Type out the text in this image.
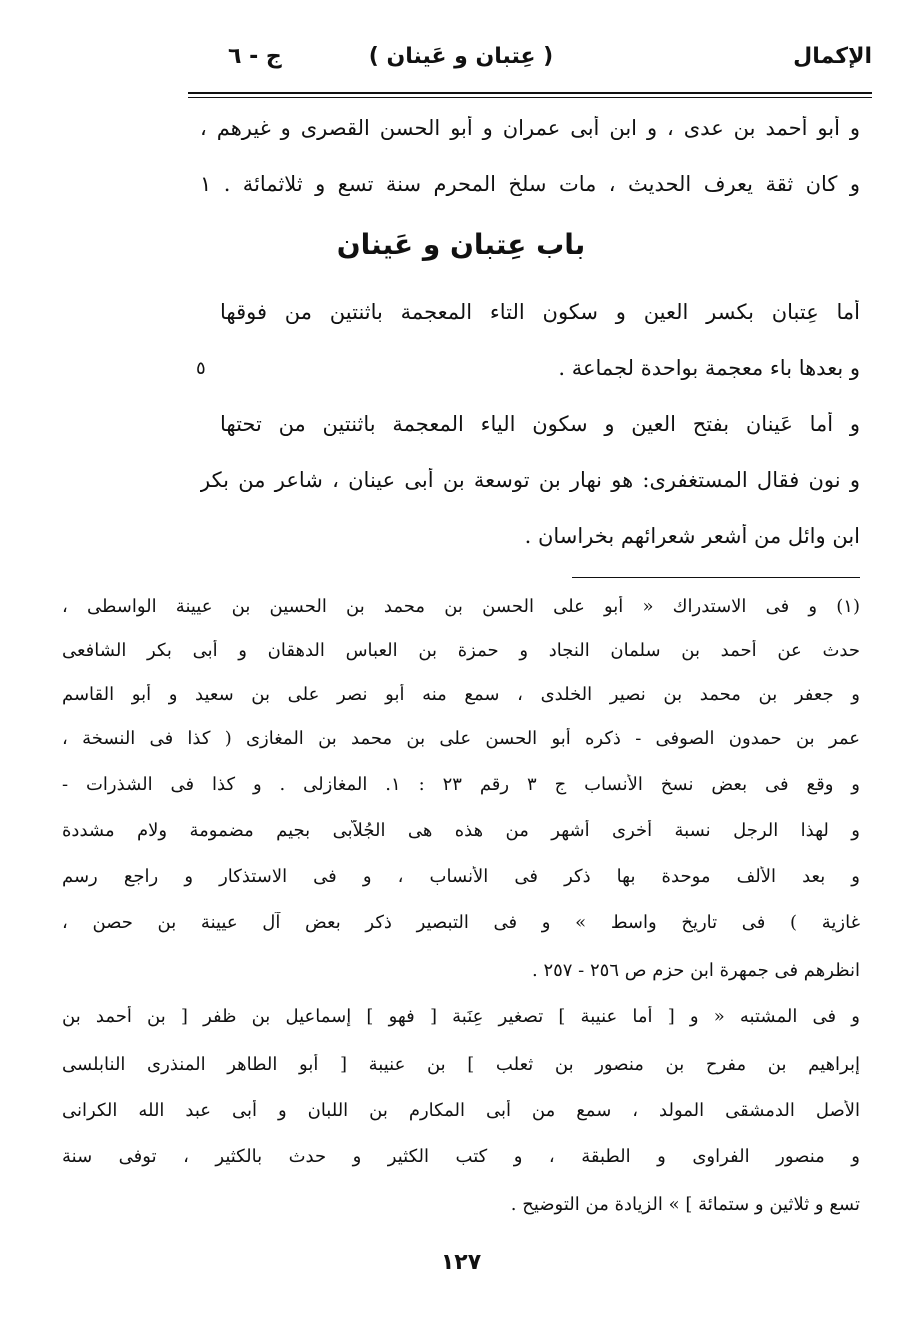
الإكمال
( عِتبان و عَينان )
ج - ٦
و أبو أحمد بن عدى ، و ابن أبى عمران و أبو الحسن القصرى و غيرهم ،
و كان ثقة يعرف الحديث ، مات سلخ المحرم سنة تسع و ثلاثمائة . ١
باب عِتبان و عَينان
أما عِتبان بكسر العين و سكون التاء المعجمة باثنتين من فوقها
و بعدها باء معجمة بواحدة لجماعة .
٥
و أما عَينان بفتح العين و سكون الياء المعجمة باثنتين من تحتها
و نون فقال المستغفرى: هو نهار بن توسعة بن أبى عينان ، شاعر من بكر
ابن وائل من أشعر شعرائهم بخراسان .
(١) و فى الاستدراك « أبو على الحسن بن محمد بن الحسين بن عيينة الواسطى ،
حدث عن أحمد بن سلمان النجاد و حمزة بن العباس الدهقان و أبى بكر الشافعى
و جعفر بن محمد بن نصير الخلدى ، سمع منه أبو نصر على بن سعيد و أبو القاسم
عمر بن حمدون الصوفى - ذكره أبو الحسن على بن محمد بن المغازى ( كذا فى النسخة ،
و وقع فى بعض نسخ الأنساب ج ٣ رقم ٢٣ : ١. المغازلى . و كذا فى الشذرات -
و لهذا الرجل نسبة أخرى أشهر من هذه هى الجُلاّبى بجيم مضمومة ولام مشددة
و بعد الألف موحدة بها ذكر فى الأنساب ، و فى الاستذكار و راجع رسم
غازية ) فى تاريخ واسط » و فى التبصير ذكر بعض آل عيينة بن حصن ،
انظرهم فى جمهرة ابن حزم ص ٢٥٦ - ٢٥٧ .
و فى المشتبه « و [ أما عنيبة ] تصغير عِنَبة [ فهو ] إسماعيل بن ظفر [ بن أحمد بن
إبراهيم بن مفرح بن منصور بن ثعلب ] بن عنيبة [ أبو الطاهر المنذرى النابلسى
الأصل الدمشقى المولد ، سمع من أبى المكارم بن اللبان و أبى عبد الله الكرانى
و منصور الفراوى و الطبقة ، و كتب الكثير و حدث بالكثير ، توفى سنة
تسع و ثلاثين و ستمائة ] » الزيادة من التوضيح .
١٢٧
